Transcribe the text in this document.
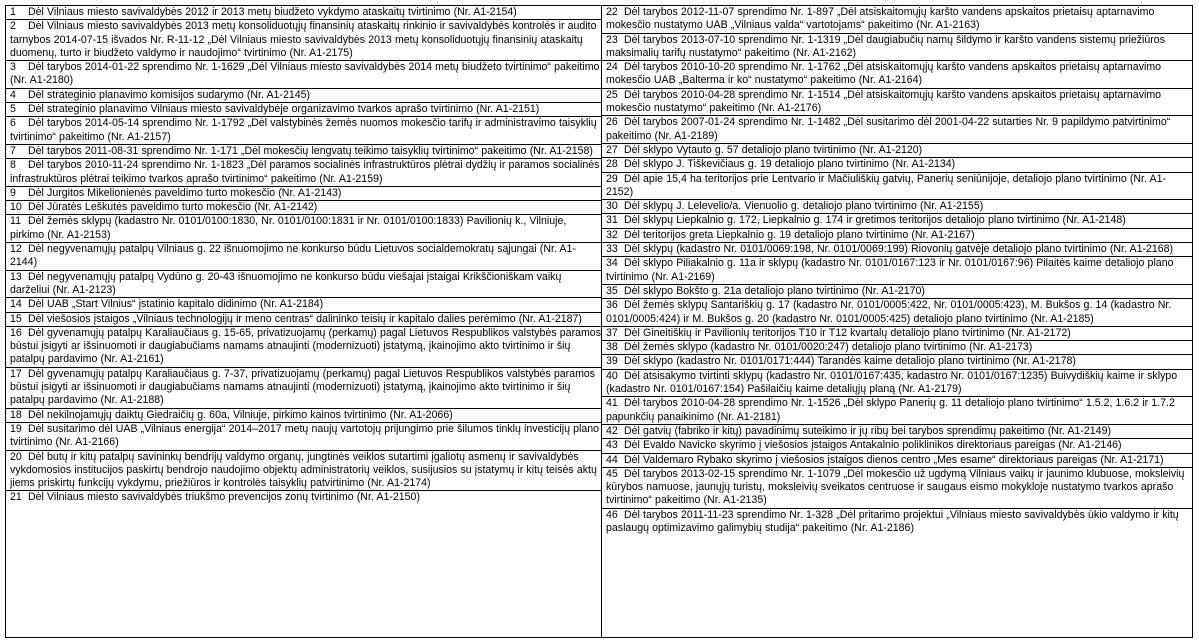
1 Dėl Vilniaus miesto savivaldybės 2012 ir 2013 metų biudžeto vykdymo ataskaitų tvirtinimo (Nr. A1-2154)
2 Dėl Vilniaus miesto savivaldybės 2013 metų konsoliduotųjų finansinių ataskaitų rinkinio ir savivaldybės kontrolės ir audito tarnybos 2014-07-15 išvados Nr. R-11-12 „Dėl Vilniaus miesto savivaldybės 2013 metų konsoliduotųjų finansinių ataskaitų duomenų, turto ir biudžeto valdymo ir naudojimo“ tvirtinimo (Nr. A1-2175)
3 Dėl tarybos 2014-01-22 sprendimo Nr. 1-1629 „Dėl Vilniaus miesto savivaldybės 2014 metų biudžeto tvirtinimo“ pakeitimo (Nr. A1-2180)
4 Dėl strateginio planavimo komisijos sudarymo (Nr. A1-2145)
5 Dėl strateginio planavimo Vilniaus miesto savivaldybėje organizavimo tvarkos aprašo tvirtinimo (Nr. A1-2151)
6 Dėl tarybos 2014-05-14 sprendimo Nr. 1-1792 „Dėl valstybinės žemės nuomos mokesčio tarifų ir administravimo taisyklių tvirtinimo“ pakeitimo (Nr. A1-2157)
7 Dėl tarybos 2011-08-31 sprendimo Nr. 1-171 „Dėl mokesčių lengvatų teikimo taisyklių tvirtinimo“ pakeitimo (Nr. A1-2158)
8 Dėl tarybos 2010-11-24 sprendimo Nr. 1-1823 „Dėl paramos socialinės infrastruktūros plėtrai dydžių ir paramos socialinės infrastruktūros plėtrai teikimo tvarkos aprašo tvirtinimo“ pakeitimo (Nr. A1-2159)
9 Dėl Jurgitos Mikelionienės paveldimo turto mokesčio (Nr. A1-2143)
10 Dėl Jūratės Leškutės paveldimo turto mokesčio (Nr. A1-2142)
11 Dėl žemės sklypų (kadastro Nr. 0101/0100:1830, Nr. 0101/0100:1831 ir Nr. 0101/0100:1833) Pavilionių k., Vilniuje, pirkimo (Nr. A1-2153)
12 Dėl negyvenamųjų patalpų Vilniaus g. 22 išnuomojimo ne konkurso būdu Lietuvos socialdemokratų sąjungai (Nr. A1-2144)
13 Dėl negyvenamųjų patalpų Vydūno g. 20-43 išnuomojimo ne konkurso būdu viešajai įstaigai Krikščioniškam vaikų darželiui (Nr. A1-2123)
14 Dėl UAB „Start Vilnius“ įstatinio kapitalo didinimo (Nr. A1-2184)
15 Dėl viešosios įstaigos „Vilniaus technologijų ir meno centras“ dalininko teisių ir kapitalo dalies perėmimo (Nr. A1-2187)
16 Dėl gyvenamųjų patalpų Karaliaučiaus g. 15-65, privatizuojamų (perkamų) pagal Lietuvos Respublikos valstybės paramos būstui įsigyti ar išsinuomoti ir daugiabučiams namams atnaujinti (modernizuoti) įstatymą, įkainojimo akto tvirtinimo ir šių patalpų pardavimo (Nr. A1-2161)
17 Dėl gyvenamųjų patalpų Karaliaučiaus g. 7-37, privatizuojamų (perkamų) pagal Lietuvos Respublikos valstybės paramos būstui įsigyti ar išsinuomoti ir daugiabučiams namams atnaujinti (modernizuoti) įstatymą, įkainojimo akto tvirtinimo ir šių patalpų pardavimo (Nr. A1-2188)
18 Dėl nekilnojamųjų daiktų Giedraičių g. 60a, Vilniuje, pirkimo kainos tvirtinimo (Nr. A1-2066)
19 Dėl susitarimo dėl UAB „Vilniaus energija“ 2014–2017 metų naujų vartotojų prijungimo prie šilumos tinklų investicijų plano tvirtinimo (Nr. A1-2166)
20 Dėl butų ir kitų patalpų savininkų bendrijų valdymo organų, jungtinės veiklos sutartimi įgaliotų asmenų ir savivaldybės vykdomosios institucijos paskirtų bendrojo naudojimo objektų administratorių veiklos, susijusios su įstatymų ir kitų teisės aktų jiems priskirtų funkcijų vykdymu, priežiūros ir kontrolės taisyklių patvirtinimo (Nr. A1-2174)
21 Dėl Vilniaus miesto savivaldybės triukšmo prevencijos zonų tvirtinimo (Nr. A1-2150)
22 Dėl tarybos 2012-11-07 sprendimo Nr. 1-897 „Dėl atsiskaitomųjų karšto vandens apskaitos prietaisų aptarnavimo mokesčio nustatymo UAB „Vilniaus valda“ vartotojams“ pakeitimo (Nr. A1-2163)
23 Dėl tarybos 2013-07-10 sprendimo Nr. 1-1319 „Dėl daugiabučių namų šildymo ir karšto vandens sistemų priežiūros maksimalių tarifų nustatymo“ pakeitimo (Nr. A1-2162)
24 Dėl tarybos 2010-10-20 sprendimo Nr. 1-1762 „Dėl atsiskaitomųjų karšto vandens apskaitos prietaisų aptarnavimo mokesčio UAB „Balterma ir ko“ nustatymo“ pakeitimo (Nr. A1-2164)
25 Dėl tarybos 2010-04-28 sprendimo Nr. 1-1514 „Dėl atsiskaitomųjų karšto vandens apskaitos prietaisų aptarnavimo mokesčio nustatymo“ pakeitimo (Nr. A1-2176)
26 Dėl tarybos 2007-01-24 sprendimo Nr. 1-1482 „Dėl susitarimo dėl 2001-04-22 sutarties Nr. 9 papildymo patvirtinimo“ pakeitimo (Nr. A1-2189)
27 Dėl sklypo Vytauto g. 57 detaliojo plano tvirtinimo (Nr. A1-2120)
28 Dėl sklypo J. Tiškevičiaus g. 19 detaliojo plano tvirtinimo (Nr. A1-2134)
29 Dėl apie 15,4 ha teritorijos prie Lentvario ir Mačiuliškių gatvių, Panerių seniūnijoje, detaliojo plano tvirtinimo (Nr. A1-2152)
30 Dėl sklypų J. Lelevelio/a. Vienuolio g. detaliojo plano tvirtinimo (Nr. A1-2155)
31 Dėl sklypų Liepkalnio g. 172, Liepkalnio g. 174 ir gretimos teritorijos detaliojo plano tvirtinimo (Nr. A1-2148)
32 Dėl teritorijos greta Liepkalnio g. 19 detaliojo plano tvirtinimo (Nr. A1-2167)
33 Dėl sklypų (kadastro Nr. 0101/0069:198, Nr. 0101/0069:199) Riovonių gatvėje detaliojo plano tvirtinimo (Nr. A1-2168)
34 Dėl sklypo Piliakalnio g. 11a ir sklypų (kadastro Nr. 0101/0167:123 ir Nr. 0101/0167:96) Pilaitės kaime detaliojo plano tvirtinimo (Nr. A1-2169)
35 Dėl sklypo Bokšto g. 21a detaliojo plano tvirtinimo (Nr. A1-2170)
36 Dėl žemės sklypų Santariškių g. 17 (kadastro Nr. 0101/0005:422, Nr. 0101/0005:423), M. Bukšos g. 14 (kadastro Nr. 0101/0005:424) ir M. Bukšos g. 20 (kadastro Nr. 0101/0005:425) detaliojo plano tvirtinimo (Nr. A1-2185)
37 Dėl Gineitiškių ir Pavilionių teritorijos T10 ir T12 kvartalų detaliojo plano tvirtinimo (Nr. A1-2172)
38 Dėl žemės sklypo (kadastro Nr. 0101/0020:247) detaliojo plano tvirtinimo (Nr. A1-2173)
39 Dėl sklypo (kadastro Nr. 0101/0171:444) Tarandės kaime detaliojo plano tvirtinimo (Nr. A1-2178)
40 Dėl atsisakymo tvirtinti sklypų (kadastro Nr. 0101/0167:435, kadastro Nr. 0101/0167:1235) Buivydiškių kaime ir sklypo (kadastro Nr. 0101/0167:154) Pašilaičių kaime detaliųjų planą (Nr. A1-2179)
41 Dėl tarybos 2010-04-28 sprendimo Nr. 1-1526 „Dėl sklypo Panerių g. 11 detaliojo plano tvirtinimo“ 1.5.2, 1.6.2 ir 1.7.2 papunkčių panaikinimo (Nr. A1-2181)
42 Dėl gatvių (fabriko ir kitų) pavadinimų suteikimo ir jų ribų bei tarybos sprendimų pakeitimo (Nr. A1-2149)
43 Dėl Evaldo Navicko skyrimo į viešosios įstaigos Antakalnio poliklinikos direktoriaus pareigas (Nr. A1-2146)
44 Dėl Valdemaro Rybako skyrimo į viešosios įstaigos dienos centro „Mes esame“ direktoriaus pareigas (Nr. A1-2171)
45 Dėl tarybos 2013-02-15 sprendimo Nr. 1-1079 „Dėl mokesčio už ugdymą Vilniaus vaikų ir jaunimo klubuose, moksleivių kūrybos namuose, jaunųjų turistų, moksleivių sveikatos centruose ir saugaus eismo mokykloje nustatymo tvarkos aprašo tvirtinimo“ pakeitimo (Nr. A1-2135)
46 Dėl tarybos 2011-11-23 sprendimo Nr. 1-328 „Dėl pritarimo projektui „Vilniaus miesto savivaldybės ūkio valdymo ir kitų paslaugų optimizavimo galimybių studija“ pakeitimo (Nr. A1-2186)
